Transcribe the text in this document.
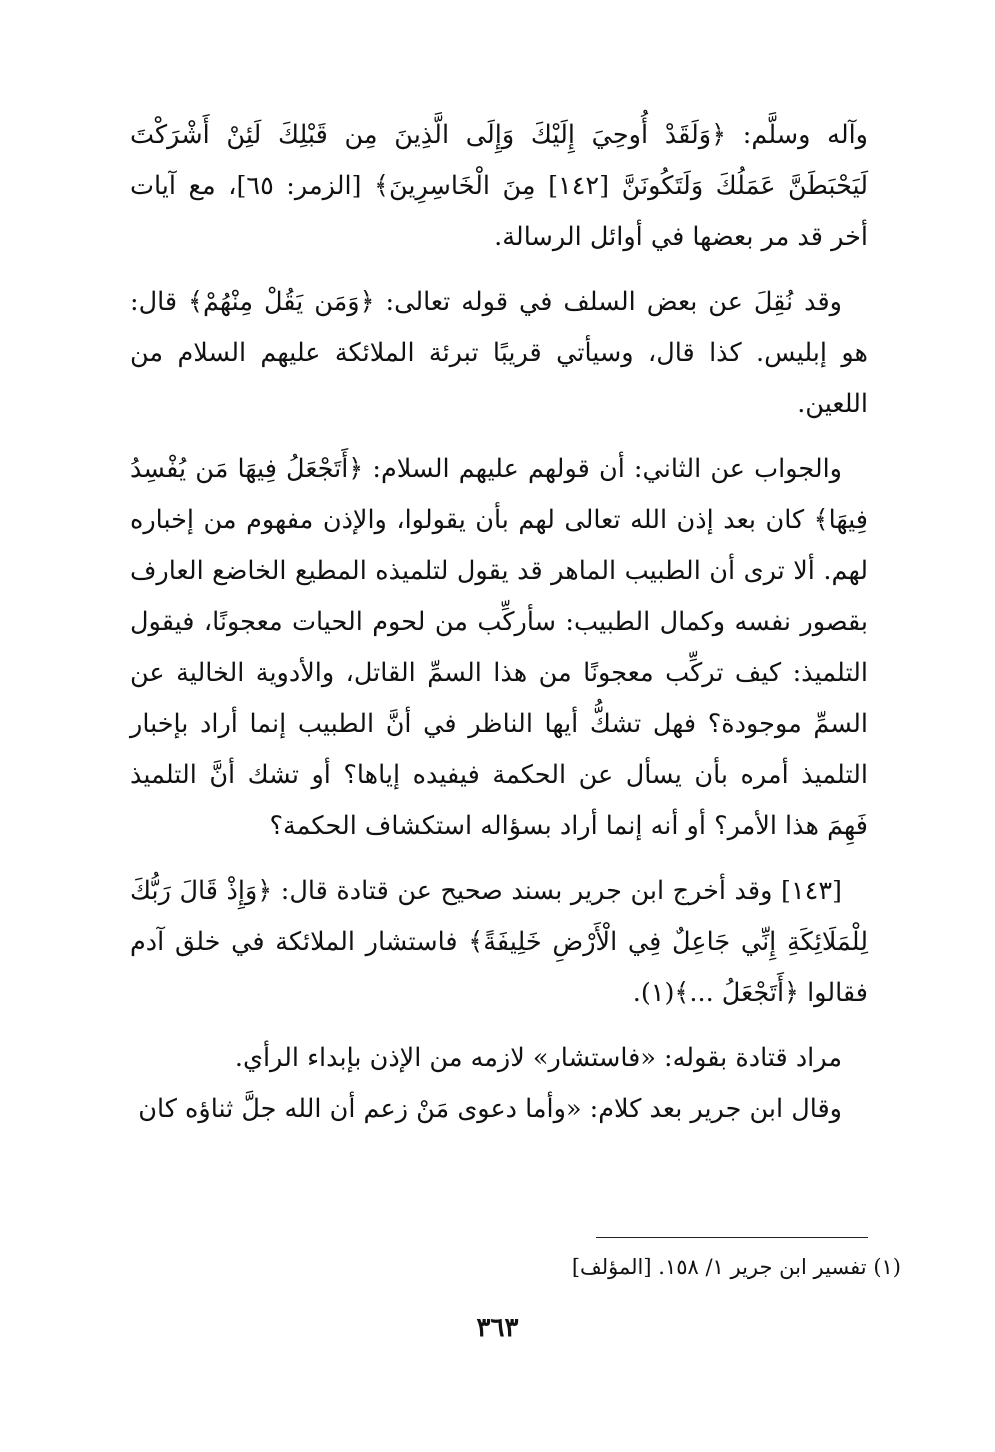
وآله وسلَّم: ﴿وَلَقَدْ أُوحِيَ إِلَيْكَ وَإِلَى الَّذِينَ مِن قَبْلِكَ لَئِنْ أَشْرَكْتَ لَيَحْبَطَنَّ عَمَلُكَ وَلَتَكُونَنَّ [١٤٢] مِنَ الْخَاسِرِينَ﴾ [الزمر: ٦٥]، مع آيات أخر قد مر بعضها في أوائل الرسالة.

وقد نُقِلَ عن بعض السلف في قوله تعالى: ﴿وَمَن يَقُلْ مِنْهُمْ﴾ قال: هو إبليس. كذا قال، وسيأتي قريبًا تبرئة الملائكة عليهم السلام من اللعين.

والجواب عن الثاني: أن قولهم عليهم السلام: ﴿أَتَجْعَلُ فِيهَا مَن يُفْسِدُ فِيهَا﴾ كان بعد إذن الله تعالى لهم بأن يقولوا، والإذن مفهوم من إخباره لهم. ألا ترى أن الطبيب الماهر قد يقول لتلميذه المطيع الخاضع العارف بقصور نفسه وكمال الطبيب: سأركِّب من لحوم الحيات معجونًا، فيقول التلميذ: كيف تركِّب معجونًا من هذا السمِّ القاتل، والأدوية الخالية عن السمِّ موجودة؟ فهل تشكُّ أيها الناظر في أنَّ الطبيب إنما أراد بإخبار التلميذ أمره بأن يسأل عن الحكمة فيفيده إياها؟ أو تشك أنَّ التلميذ فَهِمَ هذا الأمر؟ أو أنه إنما أراد بسؤاله استكشاف الحكمة؟

[١٤٣] وقد أخرج ابن جرير بسند صحيح عن قتادة قال: ﴿وَإِذْ قَالَ رَبُّكَ لِلْمَلَائِكَةِ إِنِّي جَاعِلٌ فِي الْأَرْضِ خَلِيفَةً﴾ فاستشار الملائكة في خلق آدم فقالوا ﴿أَتَجْعَلُ ...﴾(١).

مراد قتادة بقوله: «فاستشار» لازمه من الإذن بإبداء الرأي.

وقال ابن جرير بعد كلام: «وأما دعوى مَنْ زعم أن الله جلَّ ثناؤه كان

(١) تفسير ابن جرير ١/ ١٥٨. [المؤلف]
٣٦٣
